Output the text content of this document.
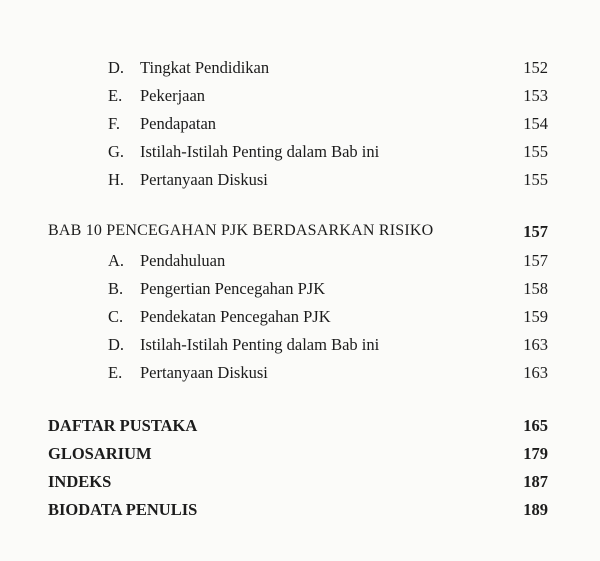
D. Tingkat Pendidikan	152
E. Pekerjaan	153
F. Pendapatan	154
G. Istilah-Istilah Penting dalam Bab ini	155
H. Pertanyaan Diskusi	155
BAB 10 PENCEGAHAN PJK BERDASARKAN RISIKO	157
A. Pendahuluan	157
B. Pengertian Pencegahan PJK	158
C. Pendekatan Pencegahan PJK	159
D. Istilah-Istilah Penting dalam Bab ini	163
E. Pertanyaan Diskusi	163
DAFTAR PUSTAKA	165
GLOSARIUM	179
INDEKS	187
BIODATA PENULIS	189
